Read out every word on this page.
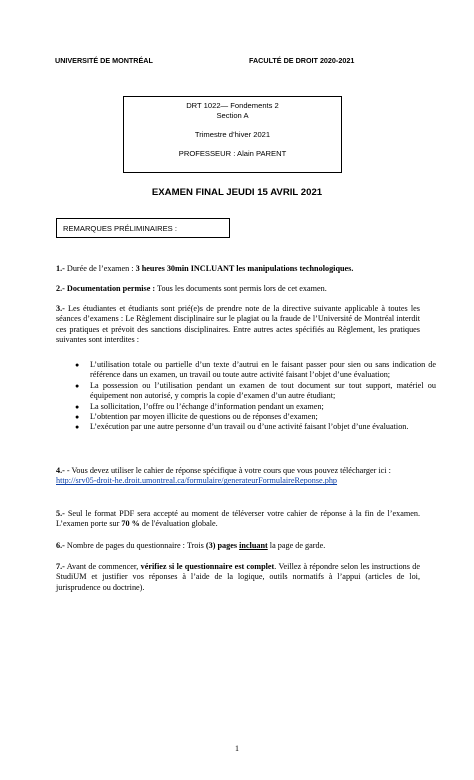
UNIVERSITÉ DE MONTRÉAL	FACULTÉ DE DROIT 2020-2021
DRT 1022— Fondements 2
Section A
Trimestre d’hiver 2021
PROFESSEUR : Alain PARENT
EXAMEN FINAL JEUDI 15 AVRIL 2021
REMARQUES PRÉLIMINAIRES :
1.- Durée de l’examen : 3 heures 30min INCLUANT les manipulations technologiques.
2.- Documentation permise : Tous les documents sont permis lors de cet examen.
3.- Les étudiantes et étudiants sont prié(e)s de prendre note de la directive suivante applicable à toutes les séances d’examens : Le Règlement disciplinaire sur le plagiat ou la fraude de l’Université de Montréal interdit ces pratiques et prévoit des sanctions disciplinaires. Entre autres actes spécifiés au Règlement, les pratiques suivantes sont interdites :
● L’utilisation totale ou partielle d’un texte d’autrui en le faisant passer pour sien ou sans indication de référence dans un examen, un travail ou toute autre activité faisant l’objet d’une évaluation;
● La possession ou l’utilisation pendant un examen de tout document sur tout support, matériel ou équipement non autorisé, y compris la copie d’examen d’un autre étudiant;
● La sollicitation, l’offre ou l’échange d’information pendant un examen;
● L’obtention par moyen illicite de questions ou de réponses d’examen;
● L’exécution par une autre personne d’un travail ou d’une activité faisant l’objet d’une évaluation.
4.- - Vous devez utiliser le cahier de réponse spécifique à votre cours que vous pouvez télécharger ici :
http://srv05-droit-he.droit.umontreal.ca/formulaire/generateurFormulaireReponse.php
5.- Seul le format PDF sera accepté au moment de téléverser votre cahier de réponse à la fin de l’examen. L’examen porte sur 70 % de l'évaluation globale.
6.- Nombre de pages du questionnaire : Trois (3) pages incluant la page de garde.
7.- Avant de commencer, vérifiez si le questionnaire est complet. Veillez à répondre selon les instructions de StudiUM et justifier vos réponses à l’aide de la logique, outils normatifs à l’appui (articles de loi, jurisprudence ou doctrine).
1
